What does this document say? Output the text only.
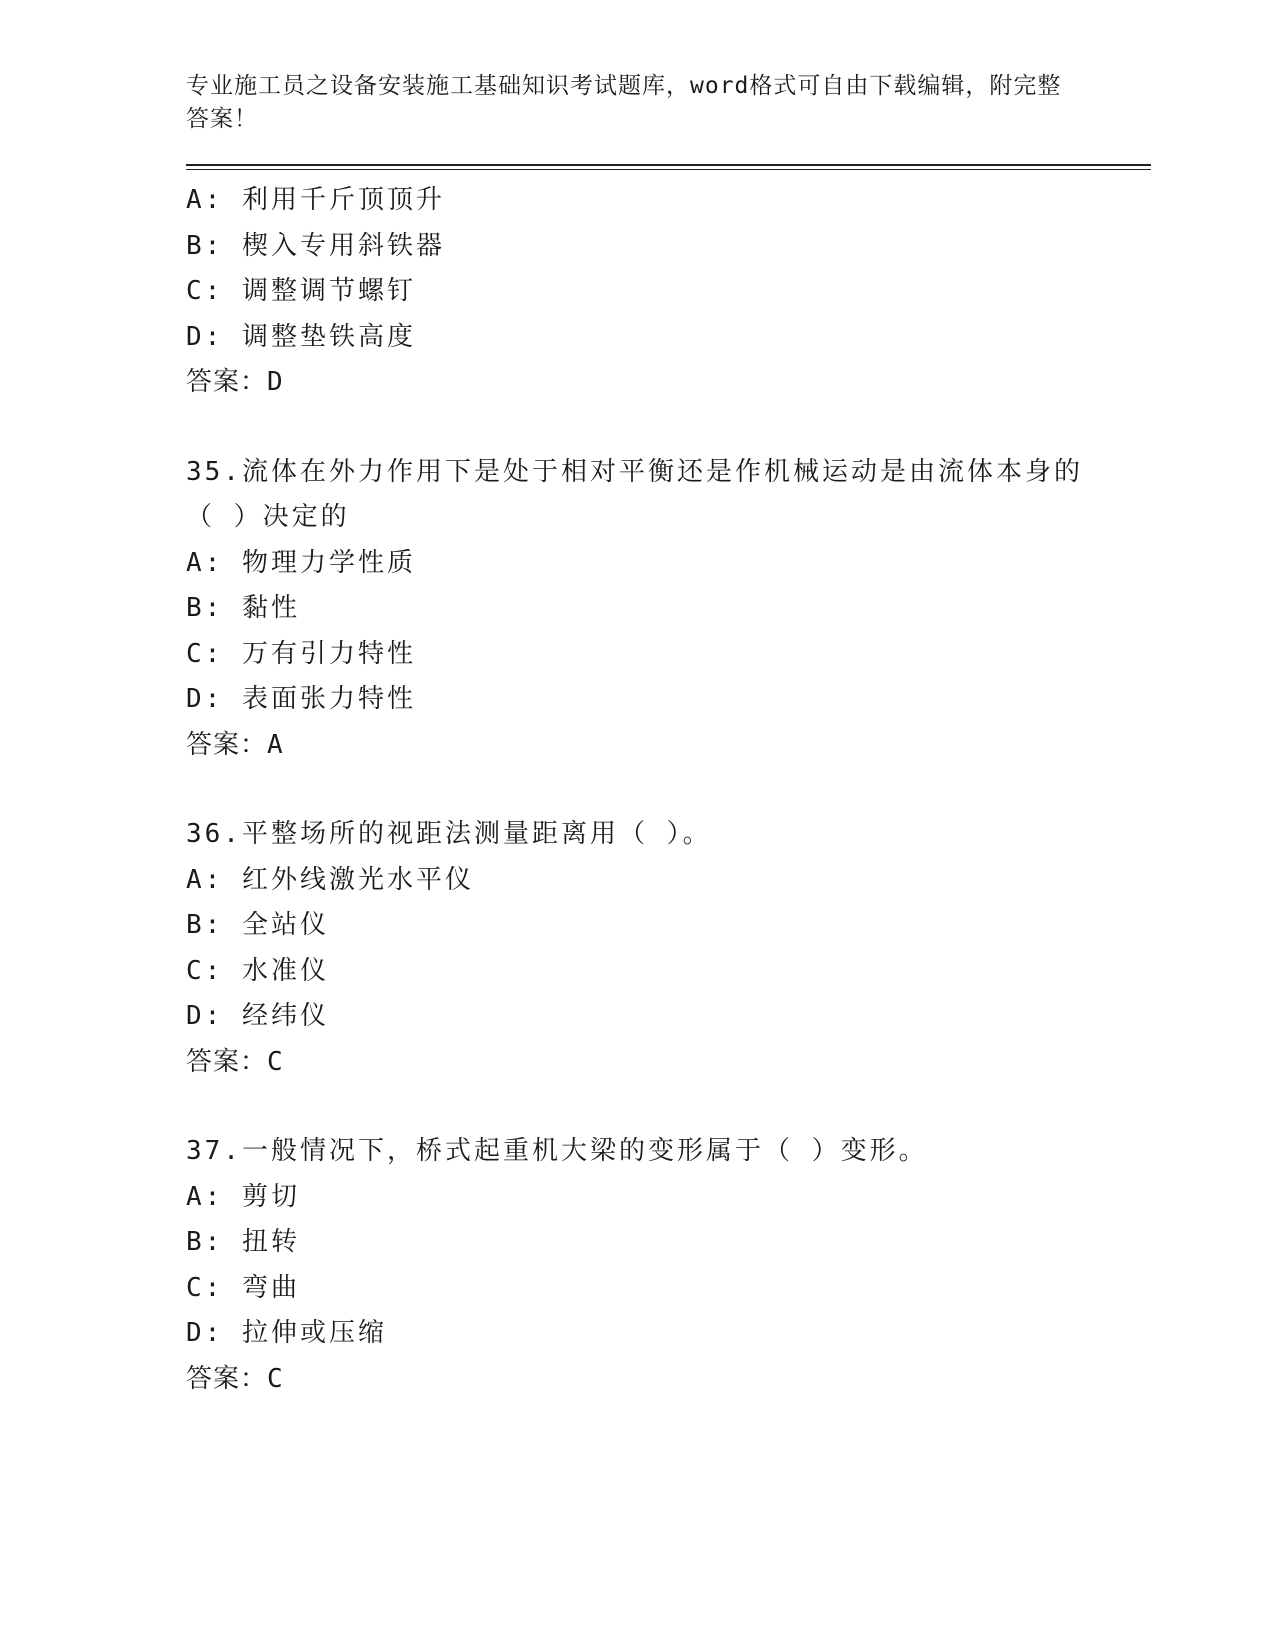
专业施工员之设备安装施工基础知识考试题库，word格式可自由下载编辑，附完整答案！

A: 利用千斤顶顶升

B: 楔入专用斜铁器

C: 调整调节螺钉

D: 调整垫铁高度

答案：D

35.流体在外力作用下是处于相对平衡还是作机械运动是由流体本身的

（ ）决定的

A: 物理力学性质

B: 黏性

C: 万有引力特性

D: 表面张力特性

答案：A

36.平整场所的视距法测量距离用（ ）。

A: 红外线激光水平仪

B: 全站仪

C: 水准仪

D: 经纬仪

答案：C

37.一般情况下，桥式起重机大梁的变形属于（ ）变形。

A: 剪切

B: 扭转

C: 弯曲

D: 拉伸或压缩

答案：C
